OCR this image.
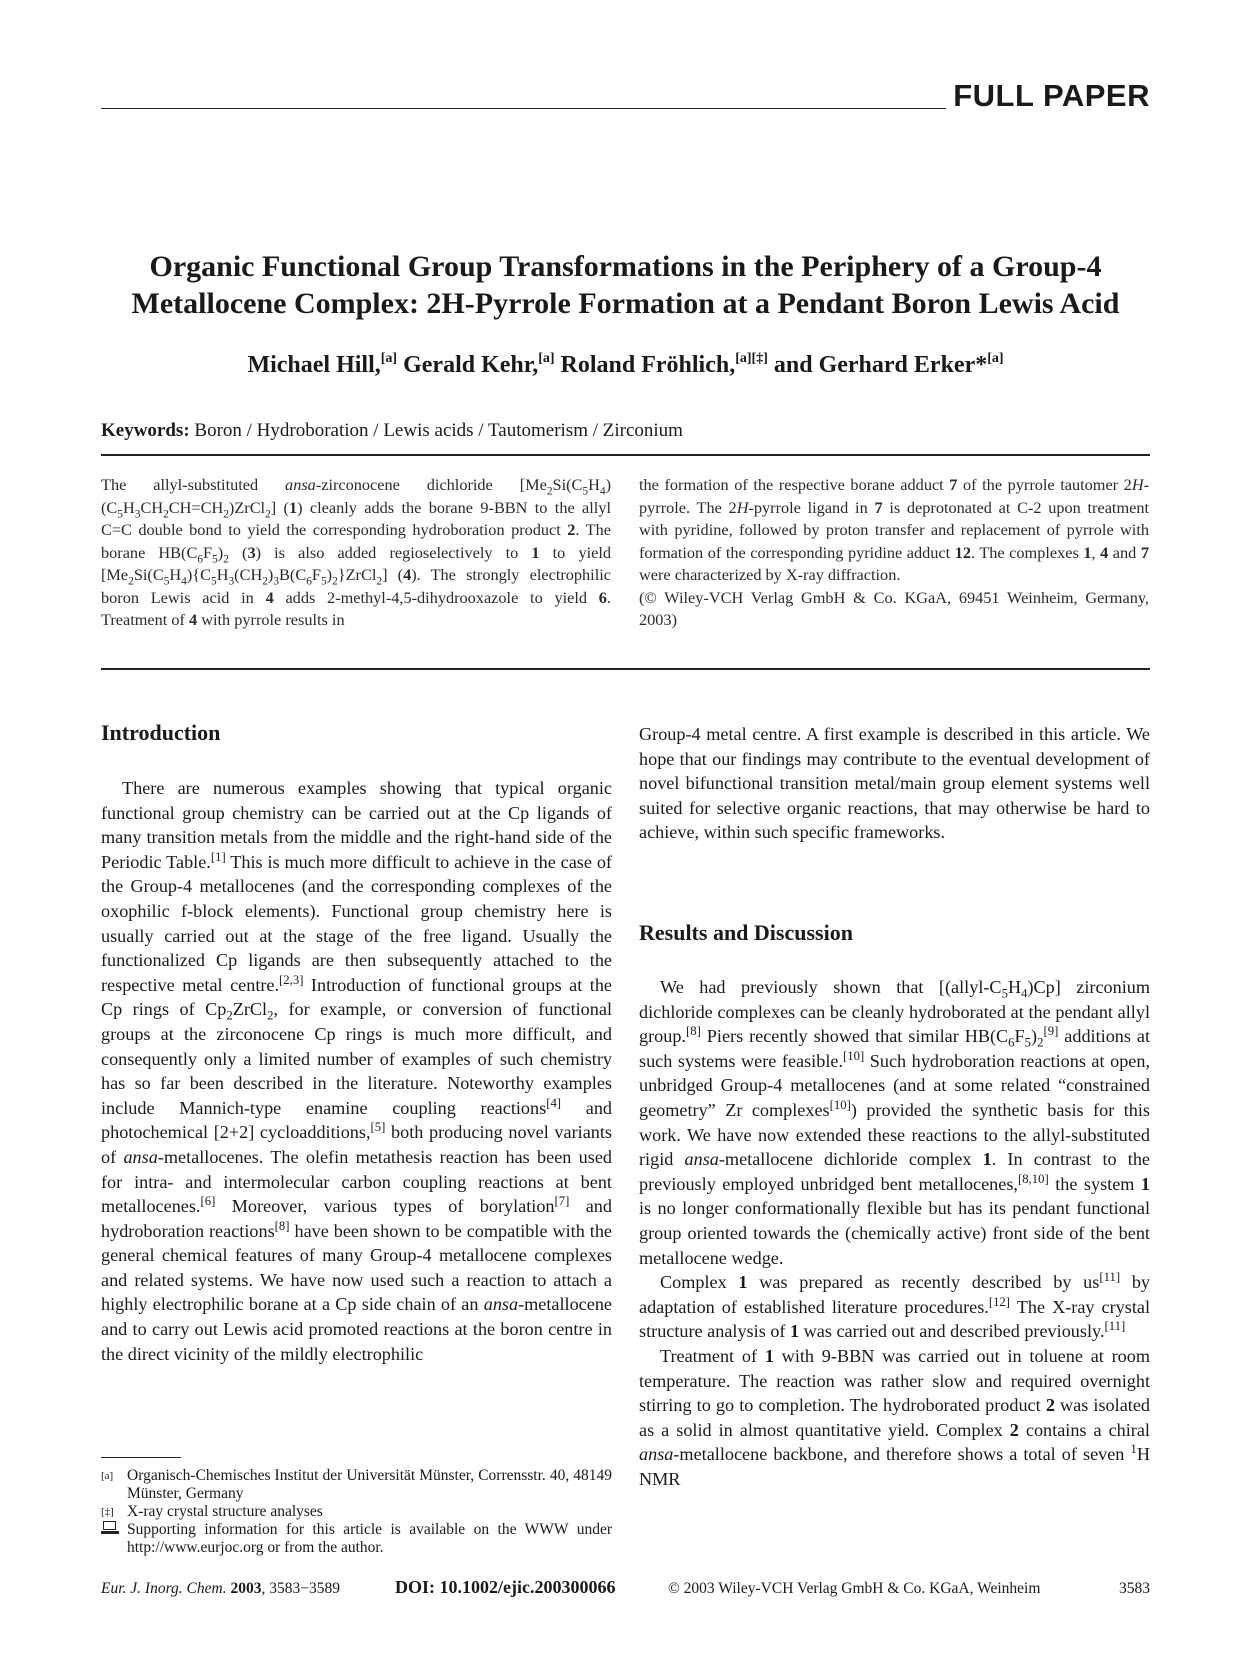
FULL PAPER
Organic Functional Group Transformations in the Periphery of a Group-4
Metallocene Complex: 2H-Pyrrole Formation at a Pendant Boron Lewis Acid
Michael Hill,[a] Gerald Kehr,[a] Roland Fröhlich,[a][‡] and Gerhard Erker*[a]
Keywords: Boron / Hydroboration / Lewis acids / Tautomerism / Zirconium

The allyl-substituted ansa-zirconocene dichloride $[Me_2Si(C_5H_4)(C_5H_3CH_2CH=CH_2)ZrCl_2]$ (1) cleanly adds the borane 9-BBN to the allyl C=C double bond to yield the corresponding hydroboration product 2. The borane $HB(C_6F_5)_2$ (3) is also added regioselectively to 1 to yield $[Me_2Si(C_5H_4)\{C_5H_3(CH_2)_3B(C_6F_5)_2\}ZrCl_2]$ (4). The strongly electrophilic boron Lewis acid in 4 adds 2-methyl-4,5-dihydrooxazole to yield 6. Treatment of 4 with pyrrole results in

the formation of the respective borane adduct 7 of the pyrrole tautomer 2H-pyrrole. The 2H-pyrrole ligand in 7 is deprotonated at C-2 upon treatment with pyridine, followed by proton transfer and replacement of pyrrole with formation of the corresponding pyridine adduct 12. The complexes 1, 4 and 7 were characterized by X-ray diffraction.

(© Wiley-VCH Verlag GmbH & Co. KGaA, 69451 Weinheim, Germany, 2003)

Introduction

There are numerous examples showing that typical organic functional group chemistry can be carried out at the Cp ligands of many transition metals from the middle and the right-hand side of the Periodic Table.[1] This is much more difficult to achieve in the case of the Group-4 metallocenes (and the corresponding complexes of the oxophilic f-block elements). Functional group chemistry here is usually carried out at the stage of the free ligand. Usually the functionalized Cp ligands are then subsequently attached to the respective metal centre.[2,3] Introduction of functional groups at the Cp rings of $Cp_2ZrCl_2$, for example, or conversion of functional groups at the zirconocene Cp rings is much more difficult, and consequently only a limited number of examples of such chemistry has so far been described in the literature. Noteworthy examples include Mannich-type enamine coupling reactions[4] and photochemical [2+2] cycloadditions,[5] both producing novel variants of ansa-metallocenes. The olefin metathesis reaction has been used for intra- and intermolecular carbon coupling reactions at bent metallocenes.[6] Moreover, various types of borylation[7] and hydroboration reactions[8] have been shown to be compatible with the general chemical features of many Group-4 metallocene complexes and related systems. We have now used such a reaction to attach a highly electrophilic borane at a Cp side chain of an ansa-metallocene and to carry out Lewis acid promoted reactions at the boron centre in the direct vicinity of the mildly electrophilic

Group-4 metal centre. A first example is described in this article. We hope that our findings may contribute to the eventual development of novel bifunctional transition metal/main group element systems well suited for selective organic reactions, that may otherwise be hard to achieve, within such specific frameworks.

Results and Discussion

We had previously shown that $[(allyl-C_5H_4)Cp]$ zirconium dichloride complexes can be cleanly hydroborated at the pendant allyl group.[8] Piers recently showed that similar $HB(C_6F_5)_2[9]$ additions at such systems were feasible.[10] Such hydroboration reactions at open, unbridged Group-4 metallocenes (and at some related “constrained geometry” Zr complexes[10]) provided the synthetic basis for this work. We have now extended these reactions to the allyl-substituted rigid ansa-metallocene dichloride complex 1. In contrast to the previously employed unbridged bent metallocenes,[8,10] the system 1 is no longer conformationally flexible but has its pendant functional group oriented towards the (chemically active) front side of the bent metallocene wedge.

Complex 1 was prepared as recently described by us[11] by adaptation of established literature procedures.[12] The X-ray crystal structure analysis of 1 was carried out and described previously.[11]

Treatment of 1 with 9-BBN was carried out in toluene at room temperature. The reaction was rather slow and required overnight stirring to go to completion. The hydroborated product 2 was isolated as a solid in almost quantitative yield. Complex 2 contains a chiral ansa-metallocene backbone, and therefore shows a total of seven $^1$H NMR

[a] Organisch-Chemisches Institut der Universität Münster, Corrensstr. 40, 48149 Münster, Germany
[‡] X-ray crystal structure analyses
Supporting information for this article is available on the WWW under http://www.eurjoc.org or from the author.
Eur. J. Inorg. Chem. 2003, 3583−3589	DOI: 10.1002/ejic.200300066	© 2003 Wiley-VCH Verlag GmbH & Co. KGaA, Weinheim	3583
